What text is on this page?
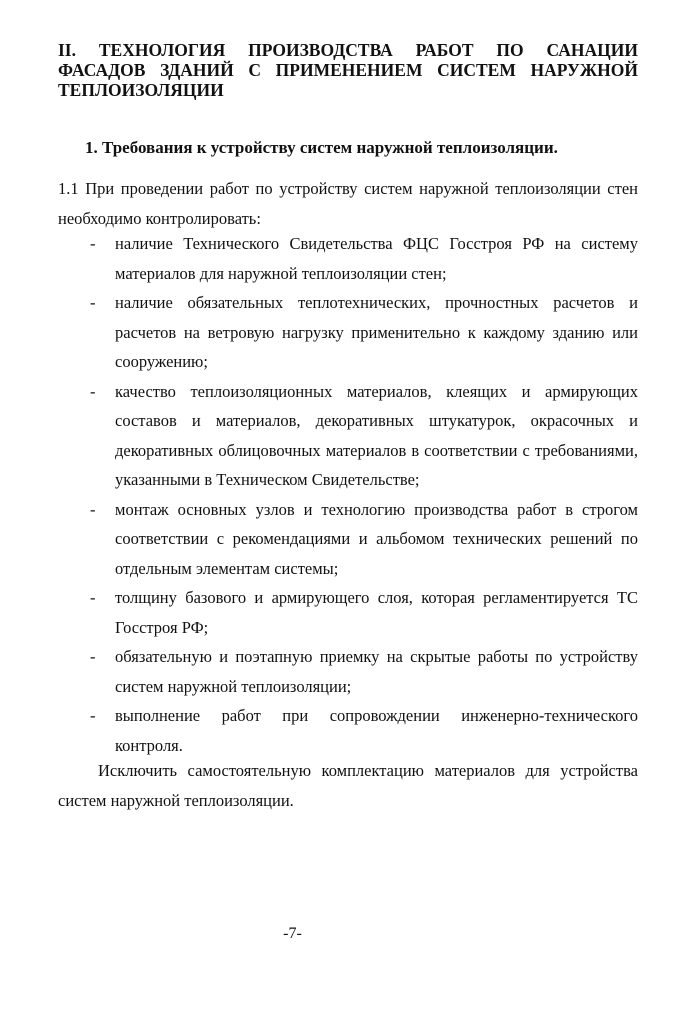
II. ТЕХНОЛОГИЯ ПРОИЗВОДСТВА РАБОТ ПО САНАЦИИ
ФАСАДОВ ЗДАНИЙ С ПРИМЕНЕНИЕМ СИСТЕМ НАРУЖНОЙ
ТЕПЛОИЗОЛЯЦИИ
1. Требования к устройству систем наружной теплоизоляции.
1.1 При проведении работ по устройству систем наружной теплоизоляции стен
необходимо контролировать:
- наличие Технического Свидетельства ФЦС Госстроя РФ на систему материалов для наружной теплоизоляции стен;
- наличие обязательных теплотехнических, прочностных расчетов и расчетов на ветровую нагрузку применительно к каждому зданию или сооружению;
- качество теплоизоляционных материалов, клеящих и армирующих составов и материалов, декоративных штукатурок, окрасочных и декоративных облицовочных материалов в соответствии с требованиями, указанными в Техническом Свидетельстве;
- монтаж основных узлов и технологию производства работ в строгом соответствии с рекомендациями и альбомом технических решений по отдельным элементам системы;
- толщину базового и армирующего слоя, которая регламентируется ТС Госстроя РФ;
- обязательную и поэтапную приемку на скрытые работы по устройству систем наружной теплоизоляции;
- выполнение работ при сопровождении инженерно-технического контроля.
Исключить самостоятельную комплектацию материалов для устройства
систем наружной теплоизоляции.
-7-
